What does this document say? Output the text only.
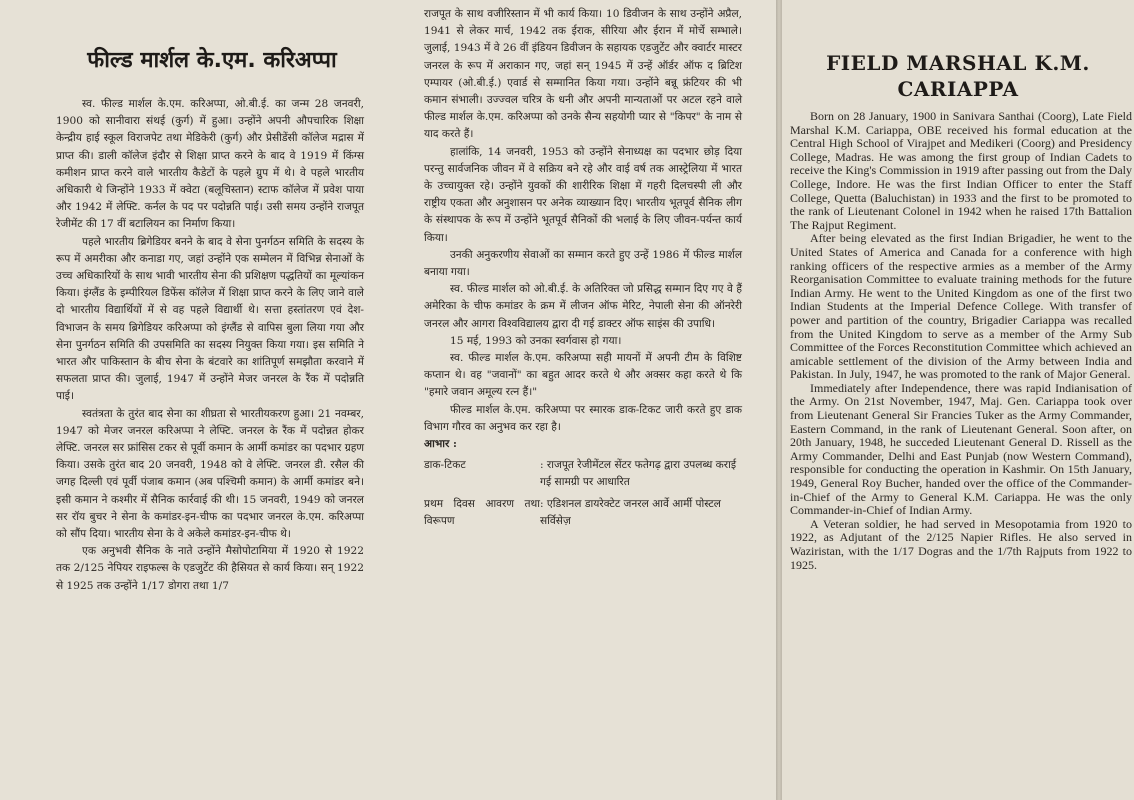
फील्ड मार्शल के.एम. करिअप्पा

स्व. फील्ड मार्शल के.एम. करिअप्पा, ओ.बी.ई. का जन्म 28 जनवरी, 1900 को सानीवारा संथई (कुर्ग) में हुआ। उन्होंने अपनी औपचारिक शिक्षा केन्द्रीय हाई स्कूल विराजपेट तथा मेडिकेरी (कुर्ग) और प्रेसीडेंसी कॉलेज मद्रास में प्राप्त की। डाली कॉलेज इंदौर से शिक्षा प्राप्त करने के बाद वे 1919 में किंग्स कमीशन प्राप्त करने वाले भारतीय कैडेटों के पहले ग्रुप में थे। वे पहले भारतीय अधिकारी थे जिन्होंने 1933 में क्वेटा (बलूचिस्तान) स्टाफ कॉलेज में प्रवेश पाया और 1942 में लेफ्टि. कर्नल के पद पर पदोन्नति पाई। उसी समय उन्होंने राजपूत रेजीमेंट की 17 वीं बटालियन का निर्माण किया।

पहले भारतीय ब्रिगेडियर बनने के बाद वे सेना पुनर्गठन समिति के सदस्य के रूप में अमरीका और कनाडा गए, जहां उन्होंने एक सम्मेलन में विभिन्न सेनाओं के उच्च अधिकारियों के साथ भावी भारतीय सेना की प्रशिक्षण पद्धतियों का मूल्यांकन किया। इंग्लैंड के इम्पीरियल डिफेंस कॉलेज में शिक्षा प्राप्त करने के लिए जाने वाले दो भारतीय विद्यार्थियों में से वह पहले विद्यार्थी थे। सत्ता हस्तांतरण एवं देश-विभाजन के समय ब्रिगेडियर करिअप्पा को इंग्लैंड से वापिस बुला लिया गया और सेना पुनर्गठन समिति की उपसमिति का सदस्य नियुक्त किया गया। इस समिति ने भारत और पाकिस्तान के बीच सेना के बंटवारे का शांतिपूर्ण समझौता करवाने में सफलता प्राप्त की। जुलाई, 1947 में उन्होंने मेजर जनरल के रैंक में पदोन्नति पाई।

स्वतंत्रता के तुरंत बाद सेना का शीघ्रता से भारतीयकरण हुआ। 21 नवम्बर, 1947 को मेजर जनरल करिअप्पा ने लेफ्टि. जनरल के रैंक में पदोन्नत होकर लेफ्टि. जनरल सर फ्रांसिस टकर से पूर्वी कमान के आर्मी कमांडर का पदभार ग्रहण किया। उसके तुरंत बाद 20 जनवरी, 1948 को वे लेफ्टि. जनरल डी. रसैल की जगह दिल्ली एवं पूर्वी पंजाब कमान (अब पश्चिमी कमान) के आर्मी कमांडर बने। इसी कमान ने कश्मीर में सैनिक कार्रवाई की थी। 15 जनवरी, 1949 को जनरल सर रॉय बुचर ने सेना के कमांडर-इन-चीफ का पदभार जनरल के.एम. करिअप्पा को सौंप दिया। भारतीय सेना के वे अकेले कमांडर-इन-चीफ थे।

एक अनुभवी सैनिक के नाते उन्होंने मैसोपोटामिया में 1920 से 1922 तक 2/125 नेपियर राइफल्स के एडजुटेंट की हैसियत से कार्य किया। सन् 1922 से 1925 तक उन्होंने 1/17 डोगरा तथा 1/7

राजपूत के साथ वजीरिस्तान में भी कार्य किया। 10 डिवीजन के साथ उन्होंने अप्रैल, 1941 से लेकर मार्च, 1942 तक ईराक, सीरिया और ईरान में मोर्चे सम्भाले। जुलाई, 1943 में वे 26 वीं इंडियन डिवीजन के सहायक एडजुटेंट और क्वार्टर मास्टर जनरल के रूप में अराकान गए, जहां सन् 1945 में उन्हें ऑर्डर ऑफ द ब्रिटिश एम्पायर (ओ.बी.ई.) एवार्ड से सम्मानित किया गया। उन्होंने बन्नू फ्रंटियर की भी कमान संभाली। उज्ज्वल चरित्र के धनी और अपनी मान्यताओं पर अटल रहने वाले फील्ड मार्शल के.एम. करिअप्पा को उनके सैन्य सहयोगी प्यार से "किपर" के नाम से याद करते हैं।

हालांकि, 14 जनवरी, 1953 को उन्होंने सेनाध्यक्ष का पदभार छोड़ दिया परन्तु सार्वजनिक जीवन में वे सक्रिय बने रहे और वाई वर्ष तक आस्ट्रेलिया में भारत के उच्चायुक्त रहे। उन्होंने युवकों की शारीरिक शिक्षा में गहरी दिलचस्पी ली और राष्ट्रीय एकता और अनुशासन पर अनेक व्याख्यान दिए। भारतीय भूतपूर्व सैनिक लीग के संस्थापक के रूप में उन्होंने भूतपूर्व सैनिकों की भलाई के लिए जीवन-पर्यन्त कार्य किया।

उनकी अनुकरणीय सेवाओं का सम्मान करते हुए उन्हें 1986 में फील्ड मार्शल बनाया गया।

स्व. फील्ड मार्शल को ओ.बी.ई. के अतिरिक्त जो प्रसिद्ध सम्मान दिए गए वे हैं अमेरिका के चीफ कमांडर के क्रम में लीजन ऑफ मेरिट, नेपाली सेना की ऑनरेरी जनरल और आगरा विश्वविद्यालय द्वारा दी गई डाक्टर ऑफ साइंस की उपाधि।

15 मई, 1993 को उनका स्वर्गवास हो गया।

स्व. फील्ड मार्शल के.एम. करिअप्पा सही मायनों में अपनी टीम के विशिष्ट कप्तान थे। वह "जवानों" का बहुत आदर करते थे और अक्सर कहा करते थे कि "हमारे जवान अमूल्य रत्न हैं।"

फील्ड मार्शल के.एम. करिअप्पा पर स्मारक डाक-टिकट जारी करते हुए डाक विभाग गौरव का अनुभव कर रहा है।

आभार :

डाक-टिकट	: राजपूत रेजीमेंटल सेंटर फतेगढ़ द्वारा उपलब्ध कराई गई सामग्री पर आधारित
प्रथम दिवस आवरण तथा विरूपण
: एडिशनल डायरेक्टेट जनरल आर्वे आर्मी पोस्टल सर्विसेज़
FIELD MARSHAL K.M. CARIAPPA

Born on 28 January, 1900 in Sanivara Santhai (Coorg), Late Field Marshal K.M. Cariappa, OBE received his formal education at the Central High School of Virajpet and Medikeri (Coorg) and Presidency College, Madras. He was among the first group of Indian Cadets to receive the King's Commission in 1919 after passing out from the Daly College, Indore. He was the first Indian Officer to enter the Staff College, Quetta (Baluchistan) in 1933 and the first to be promoted to the rank of Lieutenant Colonel in 1942 when he raised 17th Battalion The Rajput Regiment.

After being elevated as the first Indian Brigadier, he went to the United States of America and Canada for a conference with high ranking officers of the respective armies as a member of the Army Reorganisation Committee to evaluate training methods for the future Indian Army. He went to the United Kingdom as one of the first two Indian Students at the Imperial Defence College. With transfer of power and partition of the country, Brigadier Cariappa was recalled from the United Kingdom to serve as a member of the Army Sub Committee of the Forces Reconstitution Committee which achieved an amicable settlement of the division of the Army between India and Pakistan. In July, 1947, he was promoted to the rank of Major General.

Immediately after Independence, there was rapid Indianisation of the Army. On 21st November, 1947, Maj. Gen. Cariappa took over from Lieutenant General Sir Francies Tuker as the Army Commander, Eastern Command, in the rank of Lieutenant General. Soon after, on 20th January, 1948, he succeded Lieutenant General D. Rissell as the Army Commander, Delhi and East Punjab (now Western Command), responsible for conducting the operation in Kashmir. On 15th January, 1949, General Roy Bucher, handed over the office of the Commander-in-Chief of the Army to General K.M. Cariappa. He was the only Commander-in-Chief of Indian Army.

A Veteran soldier, he had served in Mesopotamia from 1920 to 1922, as Adjutant of the 2/125 Napier Rifles. He also served in Waziristan, with the 1/17 Dogras and the 1/7th Rajputs from 1922 to 1925.
